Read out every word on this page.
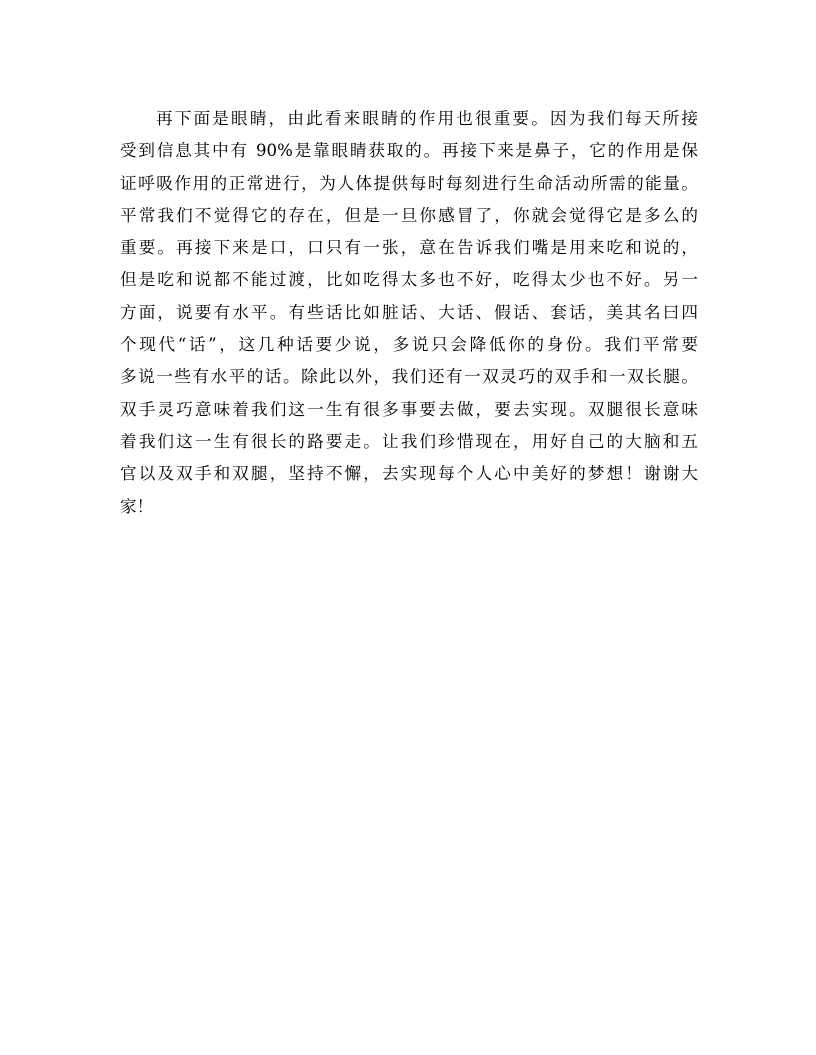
再下面是眼睛，由此看来眼睛的作用也很重要。因为我们每天所接
受到信息其中有 90%是靠眼睛获取的。再接下来是鼻子，它的作用是保
证呼吸作用的正常进行，为人体提供每时每刻进行生命活动所需的能量。
平常我们不觉得它的存在，但是一旦你感冒了，你就会觉得它是多么的
重要。再接下来是口，口只有一张，意在告诉我们嘴是用来吃和说的，
但是吃和说都不能过渡，比如吃得太多也不好，吃得太少也不好。另一
方面，说要有水平。有些话比如脏话、大话、假话、套话，美其名曰四
个现代“话”，这几种话要少说，多说只会降低你的身份。我们平常要
多说一些有水平的话。除此以外，我们还有一双灵巧的双手和一双长腿。
双手灵巧意味着我们这一生有很多事要去做，要去实现。双腿很长意味
着我们这一生有很长的路要走。让我们珍惜现在，用好自己的大脑和五
官以及双手和双腿，坚持不懈，去实现每个人心中美好的梦想！谢谢大
家！
